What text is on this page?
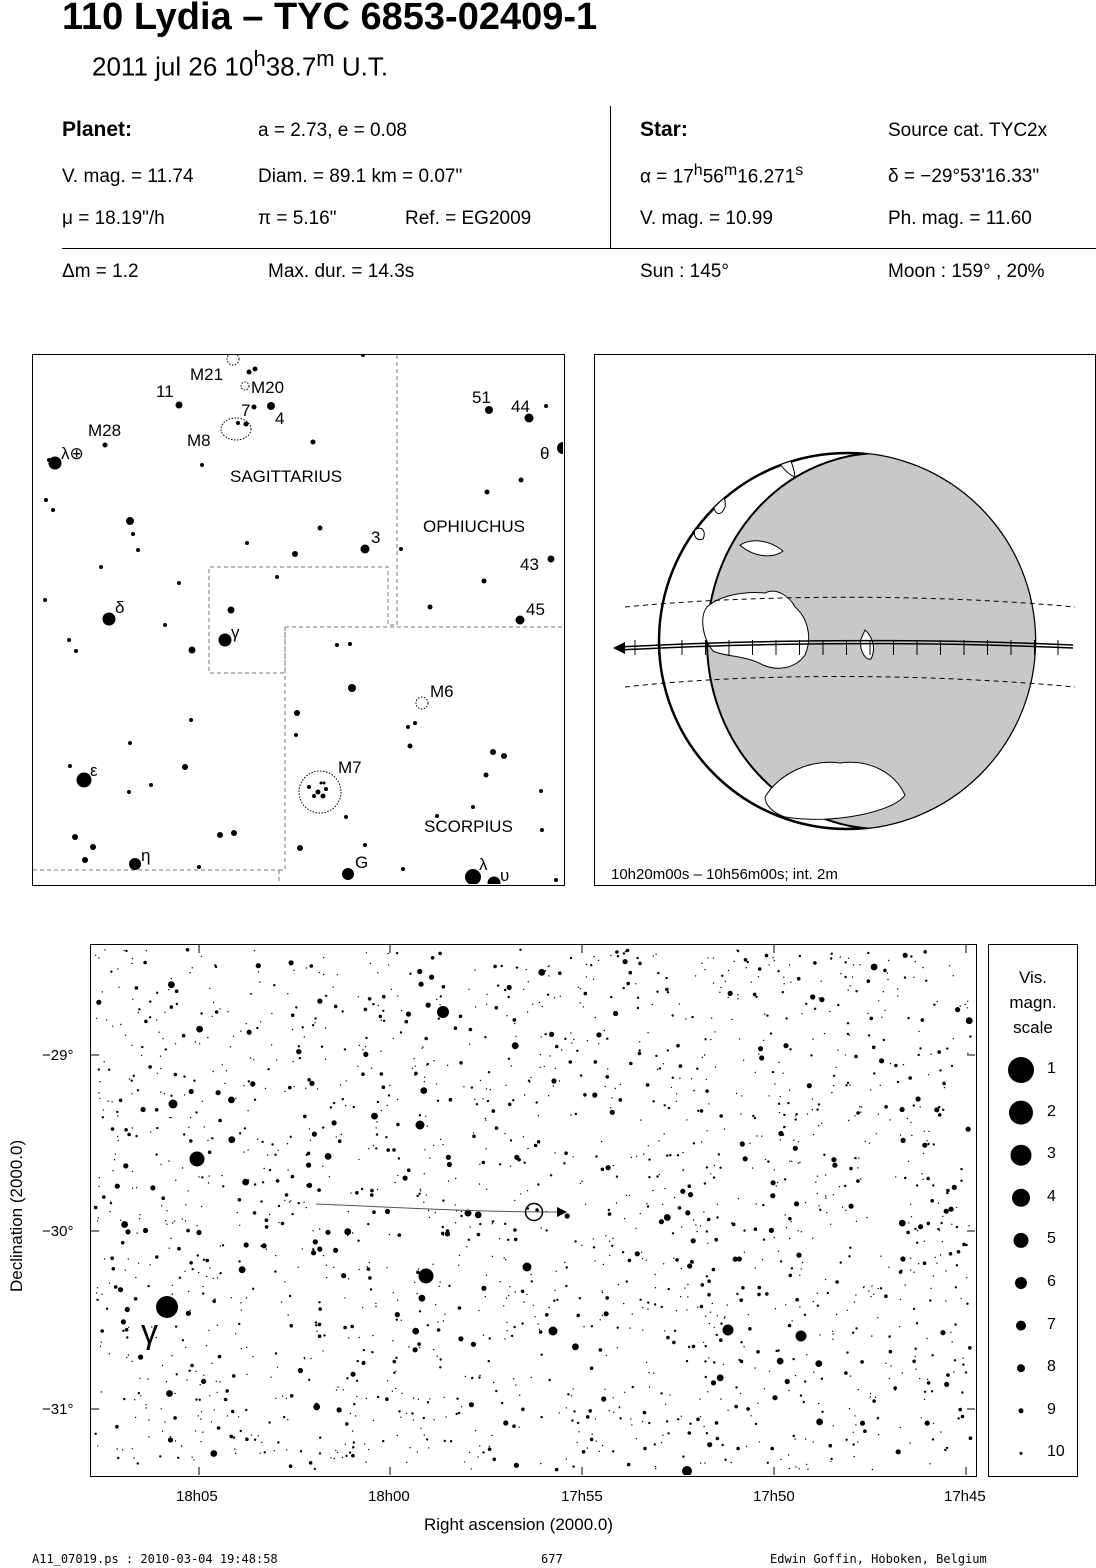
110 Lydia – TYC 6853-02409-1
2011 jul 26 10$^h$38.7$^m$ U.T.
Planet:	a = 2.73, e = 0.08
V. mag. = 11.74	Diam. = 89.1 km = 0.07"
μ = 18.19"/h	π = 5.16"	Ref. = EG2009
Star:	Source cat. TYC2x
$\alpha = 17^h56^m16.271^s$	δ = −29°53'16.33"
V. mag. = 10.99	Ph. mag. = 11.60
Δm = 1.2	Max. dur. = 14.3s	Sun : 145°	Moon : 159° , 20%
SAGITTARIUS
OPHIUCHUS
SCORPIUS
M21
M20
11
7 4
M8
M28
λ⊕
51 44
θ
3
43
45
δ
γ
M6
M7
ε
η	G	λ
υ	10h20m00s – 10h56m00s; int. 2m
γ
−29°
−30°
−31°
18h05	18h00	17h55	17h50	17h45
Right ascension (2000.0)
Declination (2000.0)
Vis.
magn.
scale
1
2
3
4
5
6
7
8
9
10
A11_07019.ps : 2010-03-04 19:48:58	677	Edwin Goffin, Hoboken, Belgium
